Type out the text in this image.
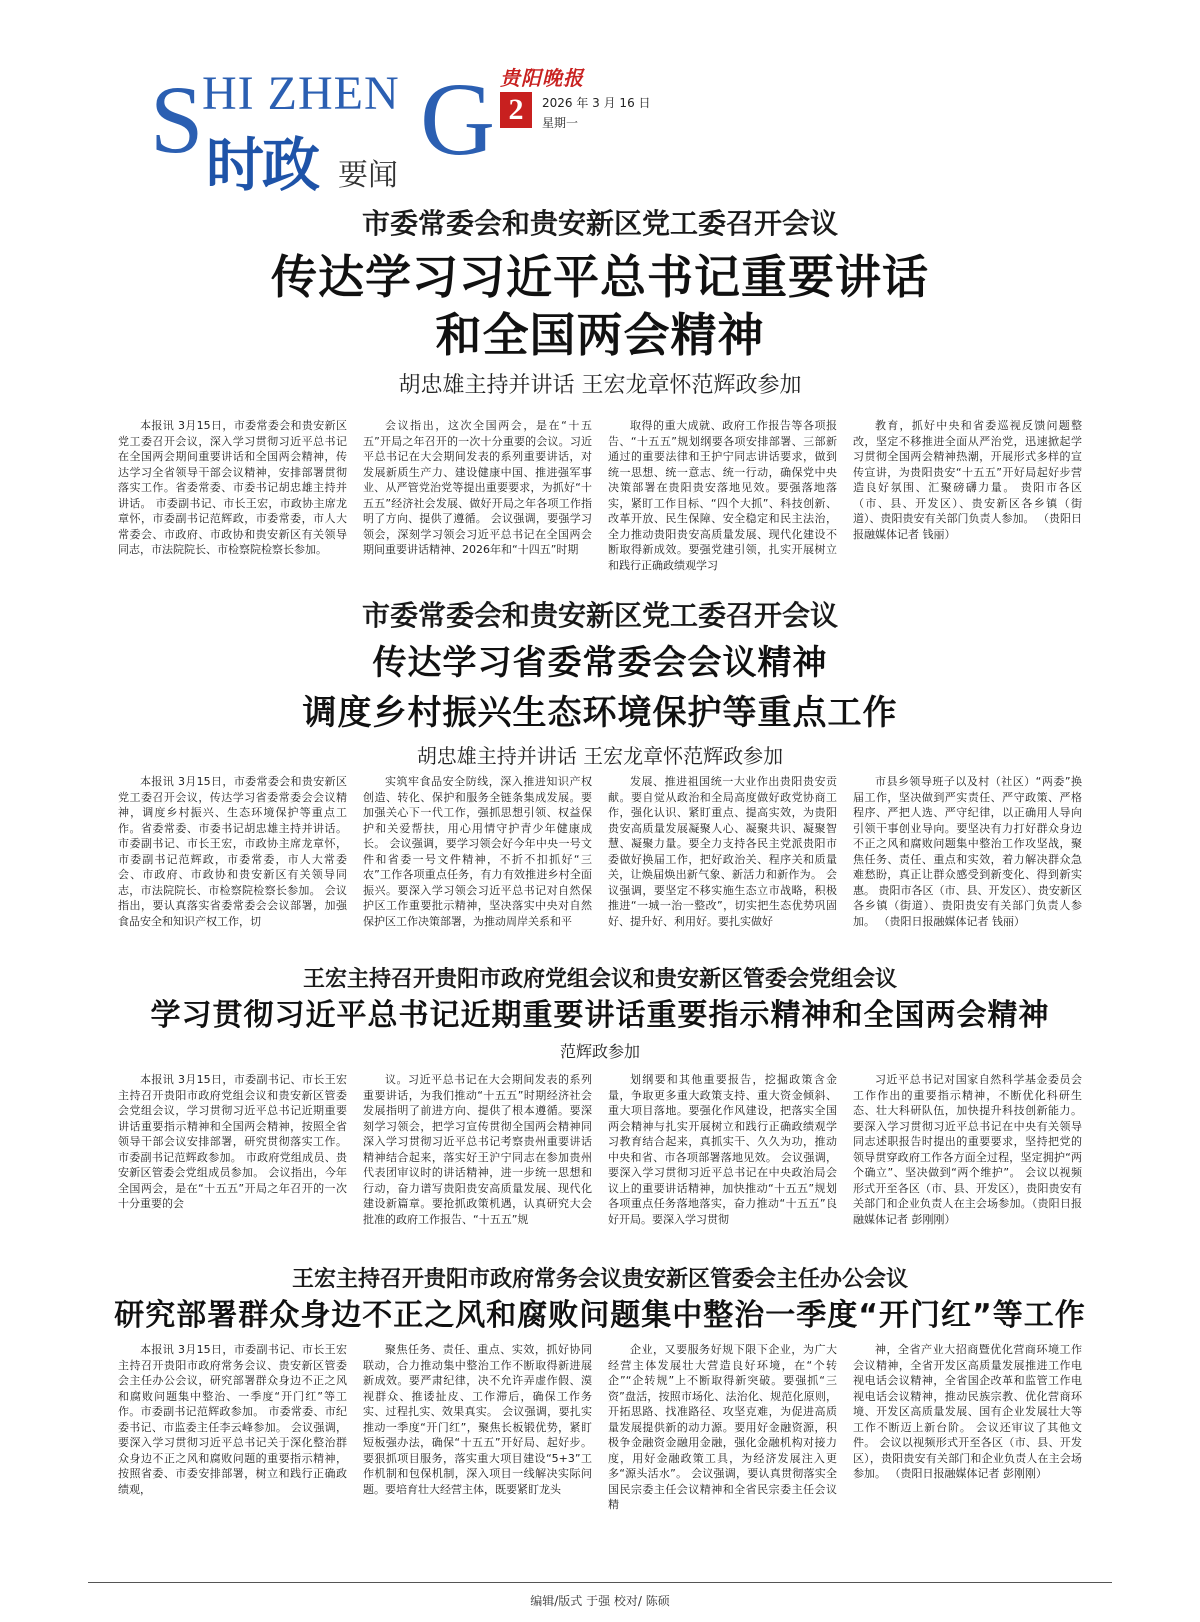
S
HI ZHEN G
时政 要闻
贵阳晚报
2	2026 年 3 月 16 日
星期一
市委常委会和贵安新区党工委召开会议
传达学习习近平总书记重要讲话
和全国两会精神
胡忠雄主持并讲话 王宏龙章怀范辉政参加

本报讯 3月15日，市委常委会和贵安新区党工委召开会议，深入学习贯彻习近平总书记在全国两会期间重要讲话和全国两会精神，传达学习全省领导干部会议精神，安排部署贯彻落实工作。省委常委、市委书记胡忠雄主持并讲话。 市委副书记、市长王宏，市政协主席龙章怀，市委副书记范辉政，市委常委，市人大常委会、市政府、市政协和贵安新区有关领导同志，市法院院长、市检察院检察长参加。

会议指出，这次全国两会，是在“十五五”开局之年召开的一次十分重要的会议。习近平总书记在大会期间发表的系列重要讲话，对发展新质生产力、建设健康中国、推进强军事业、从严管党治党等提出重要要求，为抓好“十五五”经济社会发展、做好开局之年各项工作指明了方向、提供了遵循。 会议强调，要强学习领会，深刻学习领会习近平总书记在全国两会期间重要讲话精神、2026年和“十四五”时期

取得的重大成就、政府工作报告等各项报告、“十五五”规划纲要各项安排部署、三部新通过的重要法律和王护宁同志讲话要求，做到统一思想、统一意志、统一行动，确保党中央决策部署在贵阳贵安落地见效。要强落地落实，紧盯工作目标、“四个大抓”、科技创新、改革开放、民生保障、安全稳定和民主法治，全力推动贵阳贵安高质量发展、现代化建设不断取得新成效。要强党建引领，扎实开展树立和践行正确政绩观学习

教育，抓好中央和省委巡视反馈问题整改，坚定不移推进全面从严治党，迅速掀起学习贯彻全国两会精神热潮，开展形式多样的宣传宣讲，为贵阳贵安“十五五”开好局起好步营造良好氛围、汇聚磅礴力量。 贵阳市各区（市、县、开发区）、贵安新区各乡镇（街道）、贵阳贵安有关部门负责人参加。 （贵阳日报融媒体记者 钱丽）

市委常委会和贵安新区党工委召开会议
传达学习省委常委会会议精神
调度乡村振兴生态环境保护等重点工作
胡忠雄主持并讲话 王宏龙章怀范辉政参加

本报讯 3月15日，市委常委会和贵安新区党工委召开会议，传达学习省委常委会会议精神，调度乡村振兴、生态环境保护等重点工作。省委常委、市委书记胡忠雄主持并讲话。 市委副书记、市长王宏，市政协主席龙章怀，市委副书记范辉政，市委常委，市人大常委会、市政府、市政协和贵安新区有关领导同志，市法院院长、市检察院检察长参加。 会议指出，要认真落实省委常委会会议部署，加强食品安全和知识产权工作，切

实筑牢食品安全防线，深入推进知识产权创造、转化、保护和服务全链条集成发展。要加强关心下一代工作，强抓思想引领、权益保护和关爱帮扶，用心用情守护青少年健康成长。 会议强调，要学习领会好今年中央一号文件和省委一号文件精神，不折不扣抓好“三农”工作各项重点任务，有力有效推进乡村全面振兴。要深入学习领会习近平总书记对自然保护区工作重要批示精神，坚决落实中央对自然保护区工作决策部署，为推动周岸关系和平

发展、推进祖国统一大业作出贵阳贵安贡献。要自觉从政治和全局高度做好政党协商工作，强化认识、紧盯重点、提高实效，为贵阳贵安高质量发展凝聚人心、凝聚共识、凝聚智慧、凝聚力量。要全力支持各民主党派贵阳市委做好换届工作，把好政治关、程序关和质量关，让焕届焕出新气象、新活力和新作为。 会议强调，要坚定不移实施生态立市战略，积极推进“一城一治一整改”，切实把生态优势巩固好、提升好、利用好。要扎实做好

市县乡领导班子以及村（社区）“两委”换届工作，坚决做到严实责任、严守政策、严格程序、严把人选、严守纪律，以正确用人导向引领干事创业导向。要坚决有力打好群众身边不正之风和腐败问题集中整治工作攻坚战，聚焦任务、责任、重点和实效，着力解决群众急难愁盼，真正让群众感受到新变化、得到新实惠。 贵阳市各区（市、县、开发区）、贵安新区各乡镇（街道）、贵阳贵安有关部门负责人参加。 （贵阳日报融媒体记者 钱丽）

王宏主持召开贵阳市政府党组会议和贵安新区管委会党组会议
学习贯彻习近平总书记近期重要讲话重要指示精神和全国两会精神
范辉政参加

本报讯 3月15日，市委副书记、市长王宏主持召开贵阳市政府党组会议和贵安新区管委会党组会议，学习贯彻习近平总书记近期重要讲话重要指示精神和全国两会精神，按照全省领导干部会议安排部署，研究贯彻落实工作。市委副书记范辉政参加。 市政府党组成员、贵安新区管委会党组成员参加。 会议指出，今年全国两会，是在“十五五”开局之年召开的一次十分重要的会

议。习近平总书记在大会期间发表的系列重要讲话，为我们推动“十五五”时期经济社会发展指明了前进方向、提供了根本遵循。要深刻学习领会，把学习宣传贯彻全国两会精神同深入学习贯彻习近平总书记考察贵州重要讲话精神结合起来，落实好王沪宁同志在参加贵州代表团审议时的讲话精神，进一步统一思想和行动，奋力谱写贵阳贵安高质量发展、现代化建设新篇章。要抢抓政策机遇，认真研究大会批准的政府工作报告、“十五五”规

划纲要和其他重要报告，挖掘政策含金量，争取更多重大政策支持、重大资金倾斜、重大项目落地。要强化作风建设，把落实全国两会精神与扎实开展树立和践行正确政绩观学习教育结合起来，真抓实干、久久为功，推动中央和省、市各项部署落地见效。 会议强调，要深入学习贯彻习近平总书记在中央政治局会议上的重要讲话精神，加快推动“十五五”规划各项重点任务落地落实，奋力推动“十五五”良好开局。要深入学习贯彻

习近平总书记对国家自然科学基金委员会工作作出的重要指示精神，不断优化科研生态、壮大科研队伍，加快提升科技创新能力。要深入学习贯彻习近平总书记在中央有关领导同志述职报告时提出的重要要求，坚持把党的领导贯穿政府工作各方面全过程，坚定拥护“两个确立”、坚决做到“两个维护”。 会议以视频形式开至各区（市、县、开发区），贵阳贵安有关部门和企业负责人在主会场参加。（贵阳日报融媒体记者 彭刚刚）

王宏主持召开贵阳市政府常务会议贵安新区管委会主任办公会议
研究部署群众身边不正之风和腐败问题集中整治一季度“开门红”等工作

本报讯 3月15日，市委副书记、市长王宏主持召开贵阳市政府常务会议、贵安新区管委会主任办公会议，研究部署群众身边不正之风和腐败问题集中整治、一季度“开门红”等工作。市委副书记范辉政参加。 市委常委、市纪委书记、市监委主任李云峰参加。 会议强调，要深入学习贯彻习近平总书记关于深化整治群众身边不正之风和腐败问题的重要指示精神，按照省委、市委安排部署，树立和践行正确政绩观，

聚焦任务、责任、重点、实效，抓好协同联动，合力推动集中整治工作不断取得新进展新成效。要严肃纪律，决不允许弄虚作假、漠视群众、推诿扯皮、工作滞后，确保工作务实、过程扎实、效果真实。 会议强调，要扎实推动一季度“开门红”，聚焦长板锻优势，紧盯短板强办法，确保“十五五”开好局、起好步。要狠抓项目服务，落实重大项目建设“5+3”工作机制和包保机制，深入项目一线解决实际问题。要培育壮大经营主体，既要紧盯龙头

企业，又要服务好规下限下企业，为广大经营主体发展壮大营造良好环境，在“个转企”“企转规”上不断取得新突破。要强抓“三资”盘活，按照市场化、法治化、规范化原则，开拓思路、找准路径、攻坚克难，为促进高质量发展提供新的动力源。要用好金融资源，积极争金融资金融用金融，强化金融机构对接力度，用好金融政策工具，为经济发展注入更多“源头活水”。 会议强调，要认真贯彻落实全国民宗委主任会议精神和全省民宗委主任会议精

神，全省产业大招商暨优化营商环境工作会议精神，全省开发区高质量发展推进工作电视电话会议精神，全省国企改革和监管工作电视电话会议精神，推动民族宗教、优化营商环境、开发区高质量发展、国有企业发展壮大等工作不断迈上新台阶。 会议还审议了其他文件。 会议以视频形式开至各区（市、县、开发区），贵阳贵安有关部门和企业负责人在主会场参加。 （贵阳日报融媒体记者 彭刚刚）

编辑/版式 于强 校对/ 陈硕
